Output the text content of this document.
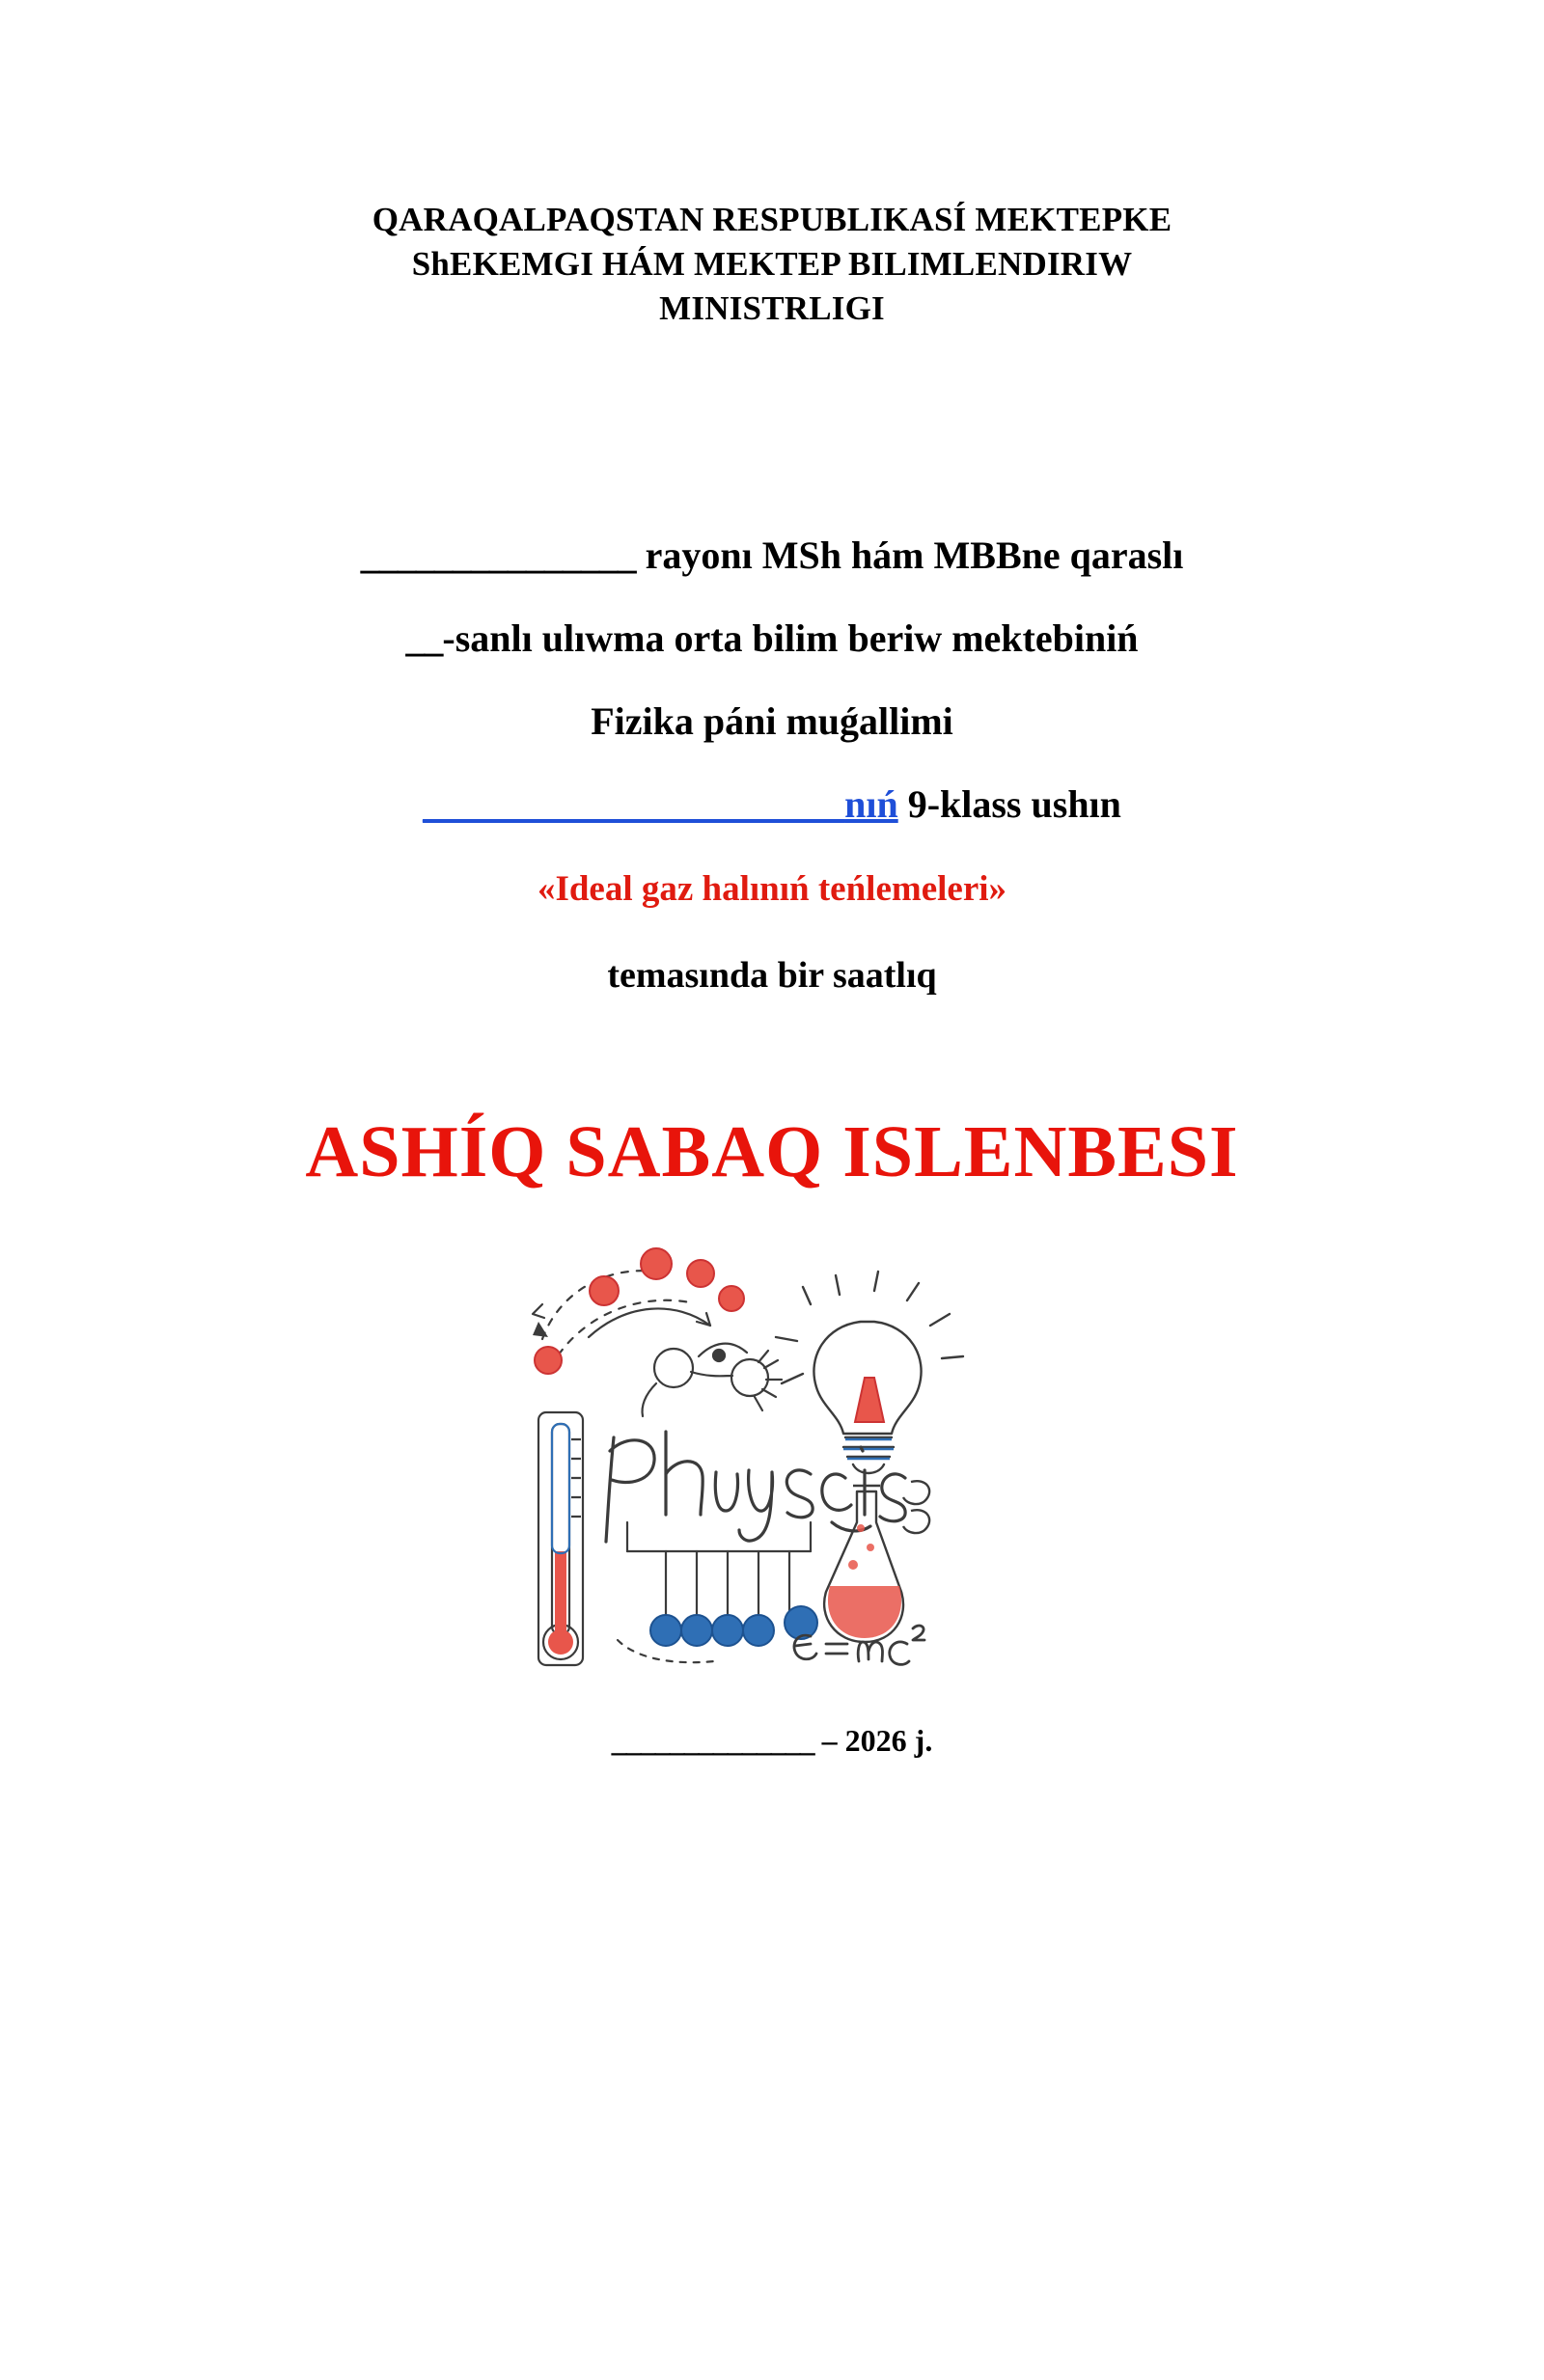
QARAQALPAQSTAN RESPUBLIKASÍ MEKTEPKE
ShEKEMGI HÁM MEKTEP BILIMLENDIRIW
MINISTRLIGI
_______________ rayonı MSh hám MBBne qaraslı
__-sanlı ulıwma orta bilim beriw mektebiniń
Fizika páni muǵallimi
_______________________nıń 9-klass ushın
«Ideal gaz halınıń teńlemeleri»
temasında bir saatlıq
ASHÍQ SABAQ ISLENBESI
______________ – 2026 j.
